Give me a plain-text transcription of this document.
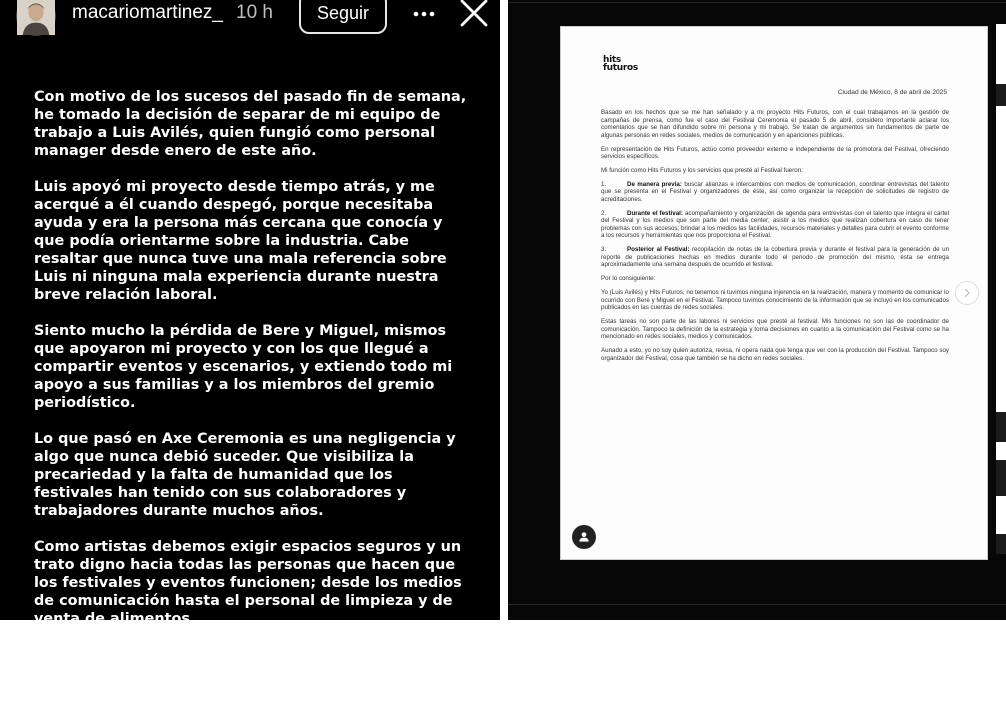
macariomartinez_ 10 h	Seguir

Con motivo de los sucesos del pasado fin de semana, he tomado la decisión de separar de mi equipo de trabajo a Luis Avilés, quien fungió como personal manager desde enero de este año.

Luis apoyó mi proyecto desde tiempo atrás, y me acerqué a él cuando despegó, porque necesitaba ayuda y era la persona más cercana que conocía y que podía orientarme sobre la industria. Cabe resaltar que nunca tuve una mala referencia sobre Luis ni ninguna mala experiencia durante nuestra breve relación laboral.

Siento mucho la pérdida de Bere y Miguel, mismos que apoyaron mi proyecto y con los que llegué a compartir eventos y escenarios, y extiendo todo mi apoyo a sus familias y a los miembros del gremio periodístico.

Lo que pasó en Axe Ceremonia es una negligencia y algo que nunca debió suceder. Que visibiliza la precariedad y la falta de humanidad que los festivales han tenido con sus colaboradores y trabajadores durante muchos años.

Como artistas debemos exigir espacios seguros y un trato digno hacia todas las personas que hacen que los festivales y eventos funcionen; desde los medios de comunicación hasta el personal de limpieza y de venta de alimentos.

Me uno y convoco a que no se olvide ni se deje pasar por alto está situación, que se busque el esclarecimiento de los

hits
futuros
Ciudad de México, 8 de abril de 2025

Basado en los hechos que se me han señalado y a mi proyecto Hits Futuros, con el cual trabajamos en la gestión de campañas de prensa, como fue el caso del Festival Ceremonia el pasado 5 de abril, considero importante aclarar los comentarios que se han difundido sobre mi persona y mi trabajo. Se tratan de argumentos sin fundamentos de parte de algunas personas en redes sociales, medios de comunicación y en apariciones públicas.

En representación de Hits Futuros, actúo como proveedor externo e independiente de la promotora del Festival, ofreciendo servicios específicos.

Mi función como Hits Futuros y los servicios que presté al Festival fueron:

1.	De manera previa: buscar alianzas e intercambios con medios de comunicación, coordinar entrevistas del talento que se presenta en el Festival y organizadores de éste, así como organizar la recepción de solicitudes de registro de acreditaciones.

2.	Durante el festival: acompañamiento y organización de agenda para entrevistas con el talento que integra el cartel del Festival y los medios que son parte del media center; asistir a los medios que realizan cobertura en caso de tener problemas con sus accesos; brindar a los medios las facilidades, recursos materiales y detalles para cubrir el evento conforme a los recursos y herramientas que nos proporciona el Festival.

3.	Posterior al Festival: recopilación de notas de la cobertura previa y durante el festival para la generación de un reporte de publicaciones hechas en medios durante todo el periodo de promoción del mismo, ésta se entrega aproximadamente una semana después de ocurrido el festival.

Por lo consiguiente:

Yo (Luis Avilés) y Hits Futuros, no tenemos ni tuvimos ninguna injerencia en la realización, manera y momento de comunicar lo ocurrido con Bere y Miguel en el Festival. Tampoco tuvimos conocimiento de la información que se incluyó en los comunicados publicados en las cuentas de redes sociales.

Estas tareas no son parte de las labores ni servicios que presté al festival. Mis funciones no son las de coordinador de comunicación. Tampoco la definición de la estrategia y toma decisiones en cuanto a la comunicación del Festival como se ha mencionado en redes sociales, medios y comunicados.

Aunado a esto, yo no soy quien autoriza, revisa, ni opera nada que tenga que ver con la producción del Festival. Tampoco soy organizador del Festival, cosa que también se ha dicho en redes sociales.
